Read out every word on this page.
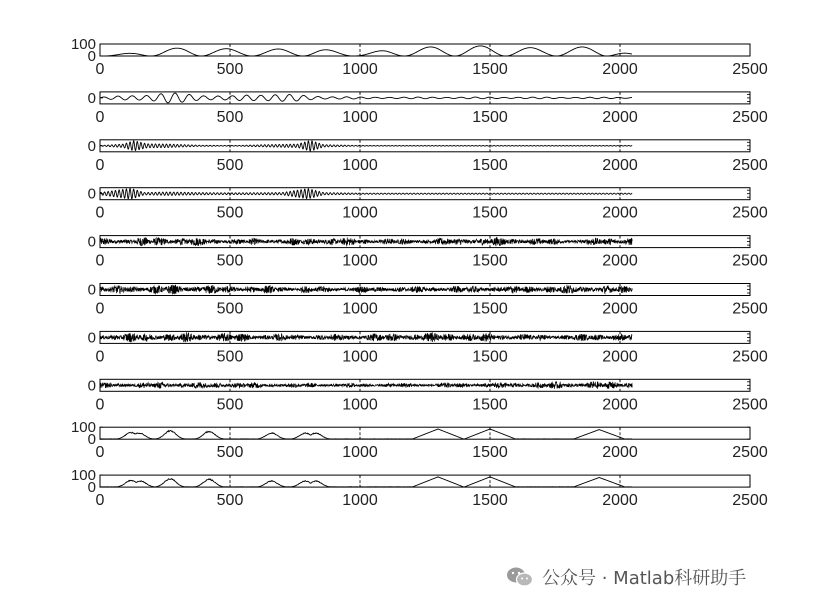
0	500	1000	1500	2000	2500
100
0
0	500	1000	1500	2000	2500
0
0	500	1000	1500	2000	2500
0
0	500	1000	1500	2000	2500
0
0	500	1000	1500	2000	2500
0
0	500	1000	1500	2000	2500
0
0	500	1000	1500	2000	2500
0
0	500	1000	1500	2000	2500
0
0	500	1000	1500	2000	2500
100
0
0	500	1000	1500	2000	2500
100
0
公众号 · Matlab科研助手
